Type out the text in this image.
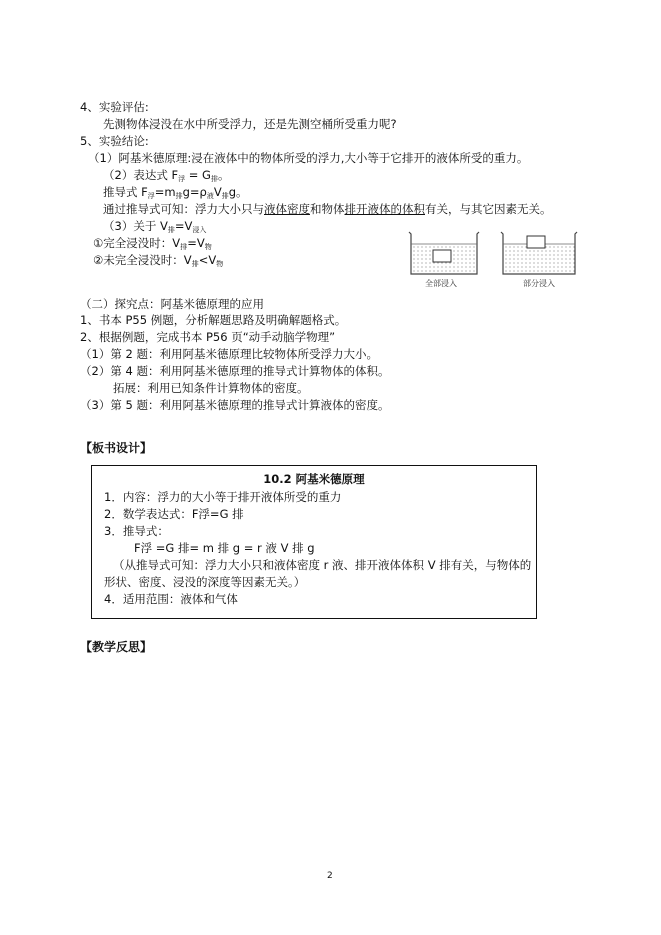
4、实验评估:
先测物体浸没在水中所受浮力，还是先测空桶所受重力呢?
5、实验结论:
（1）阿基米德原理:浸在液体中的物体所受的浮力,大小等于它排开的液体所受的重力。
（2）表达式 $F_浮 = G_排$。
推导式 $F_浮=m_排g=\rho_液V_排g$。
通过推导式可知：浮力大小只与液体密度和物体排开液体的体积有关，与其它因素无关。
（3）关于 $V_排=V_{浸入}$
①完全浸没时：$V_排=V_物$
②未完全浸没时：$V_排<V_物$
全部浸入	部分浸入
（二）探究点：阿基米德原理的应用
1、书本 P55 例题，分析解题思路及明确解题格式。
2、根据例题，完成书本 P56 页“动手动脑学物理”
（1）第 2 题：利用阿基米德原理比较物体所受浮力大小。
（2）第 4 题：利用阿基米德原理的推导式计算物体的体积。
拓展：利用已知条件计算物体的密度。
（3）第 5 题：利用阿基米德原理的推导式计算液体的密度。
【板书设计】
10.2 阿基米德原理
1．内容：浮力的大小等于排开液体所受的重力
2．数学表达式：F浮=G 排
3．推导式：
F浮 =G 排= m 排 g = r 液 V 排 g
（从推导式可知：浮力大小只和液体密度 r 液、排开液体体积 V 排有关，与物体的
形状、密度、浸没的深度等因素无关。）
4．适用范围：液体和气体
【教学反思】
2
